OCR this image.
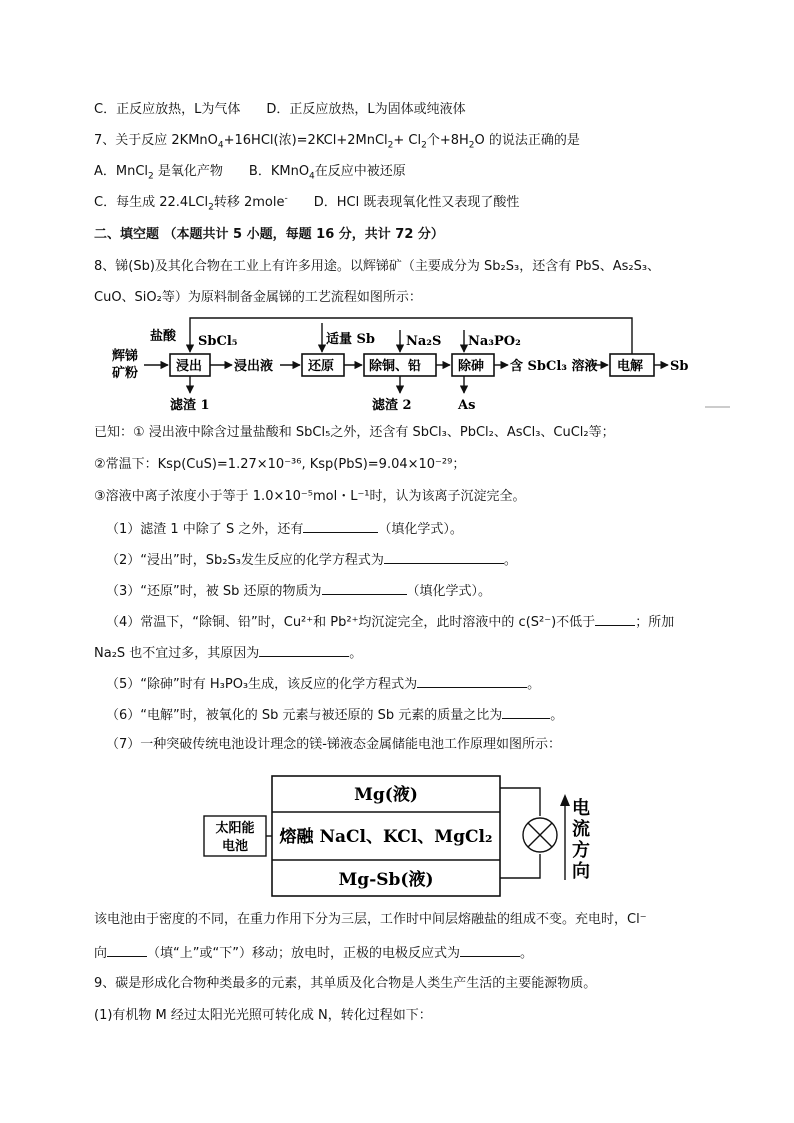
C．正反应放热，L为气体　　D．正反应放热，L为固体或纯液体
7、关于反应 2KMnO$_4$+16HCl(浓)=2KCl+2MnCl$_2$+ $Cl_2$个$+8H_2O$ 的说法正确的是
A．MnCl$_2$ 是氧化产物　　B．KMnO$_4$在反应中被还原
C．每生成 22.4LCl$_2$转移 2mole-　　D．HCl 既表现氧化性又表现了酸性
二、填空题 （本题共计 5 小题，每题 16 分，共计 72 分）
8、锑(Sb)及其化合物在工业上有许多用途。以辉锑矿（主要成分为 Sb₂S₃，还含有 PbS、As₂S₃、
CuO、SiO₂等）为原料制备金属锑的工艺流程如图所示：
辉锑
矿粉	浸出
盐酸 SbCl₅
滤渣 1
浸出液	还原
适量 Sb
除铜、铅
Na₂S
滤渣 2
除砷
Na₃PO₂
As
含 SbCl₃ 溶液 电解 Sb
已知：① 浸出液中除含过量盐酸和 SbCl₅之外，还含有 SbCl₃、PbCl₂、AsCl₃、CuCl₂等；
②常温下：Ksp(CuS)=1.27×10⁻³⁶, Ksp(PbS)=9.04×10⁻²⁹；
③溶液中离子浓度小于等于 1.0×10⁻⁵mol・L⁻¹时，认为该离子沉淀完全。
（1）滤渣 1 中除了 S 之外，还有	（填化学式）。
（2）“浸出”时，Sb₂S₃发生反应的化学方程式为	。
（3）“还原”时，被 Sb 还原的物质为	（填化学式）。
（4）常温下，“除铜、铅”时，Cu²⁺和 Pb²⁺均沉淀完全，此时溶液中的 c(S²⁻)不低于	；所加
Na₂S 也不宜过多，其原因为	。
（5）“除砷”时有 H₃PO₃生成，该反应的化学方程式为	。
（6）“电解”时，被氧化的 Sb 元素与被还原的 Sb 元素的质量之比为	。
（7）一种突破传统电池设计理念的镁-锑液态金属储能电池工作原理如图所示：
Mg(液)
熔融 NaCl、KCl、MgCl₂
Mg-Sb(液)
太阳能
电池
电
流
方
向
该电池由于密度的不同，在重力作用下分为三层，工作时中间层熔融盐的组成不变。充电时，Cl⁻
向	（填“上”或“下”）移动；放电时，正极的电极反应式为	。
9、碳是形成化合物种类最多的元素，其单质及化合物是人类生产生活的主要能源物质。
(1)有机物 M 经过太阳光光照可转化成 N，转化过程如下：
